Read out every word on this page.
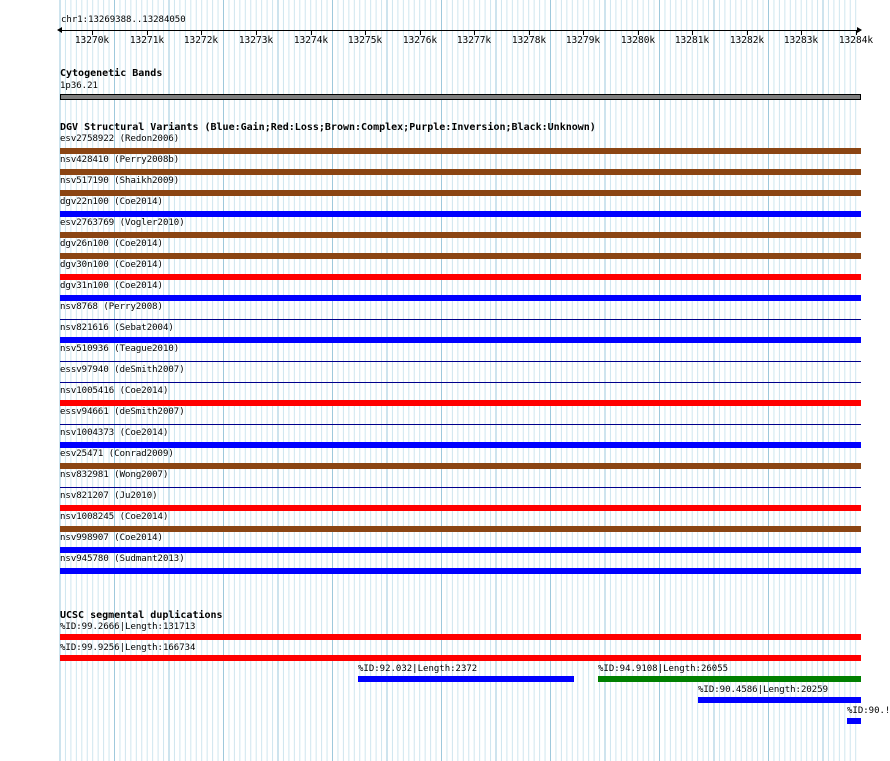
chr1:13269388..13284050
13270k 13271k 13272k 13273k 13274k 13275k 13276k 13277k 13278k 13279k 13280k 13281k 13282k 13283k 13284k
Cytogenetic Bands
1p36.21
DGV Structural Variants (Blue:Gain;Red:Loss;Brown:Complex;Purple:Inversion;Black:Unknown)
esv2758922 (Redon2006)
nsv428410 (Perry2008b)
nsv517190 (Shaikh2009)
dgv22n100 (Coe2014)
esv2763769 (Vogler2010)
dgv26n100 (Coe2014)
dgv30n100 (Coe2014)
dgv31n100 (Coe2014)
nsv8768 (Perry2008)
nsv821616 (Sebat2004)
nsv510936 (Teague2010)
essv97940 (deSmith2007)
nsv1005416 (Coe2014)
essv94661 (deSmith2007)
nsv1004373 (Coe2014)
esv25471 (Conrad2009)
nsv832981 (Wong2007)
nsv821207 (Ju2010)
nsv1008245 (Coe2014)
nsv998907 (Coe2014)
nsv945780 (Sudmant2013)
UCSC segmental duplications
%ID:99.2666|Length:131713
%ID:99.9256|Length:166734
%ID:92.032|Length:2372	%ID:94.9108|Length:26055
%ID:90.4586|Length:20259
%ID:90.!
